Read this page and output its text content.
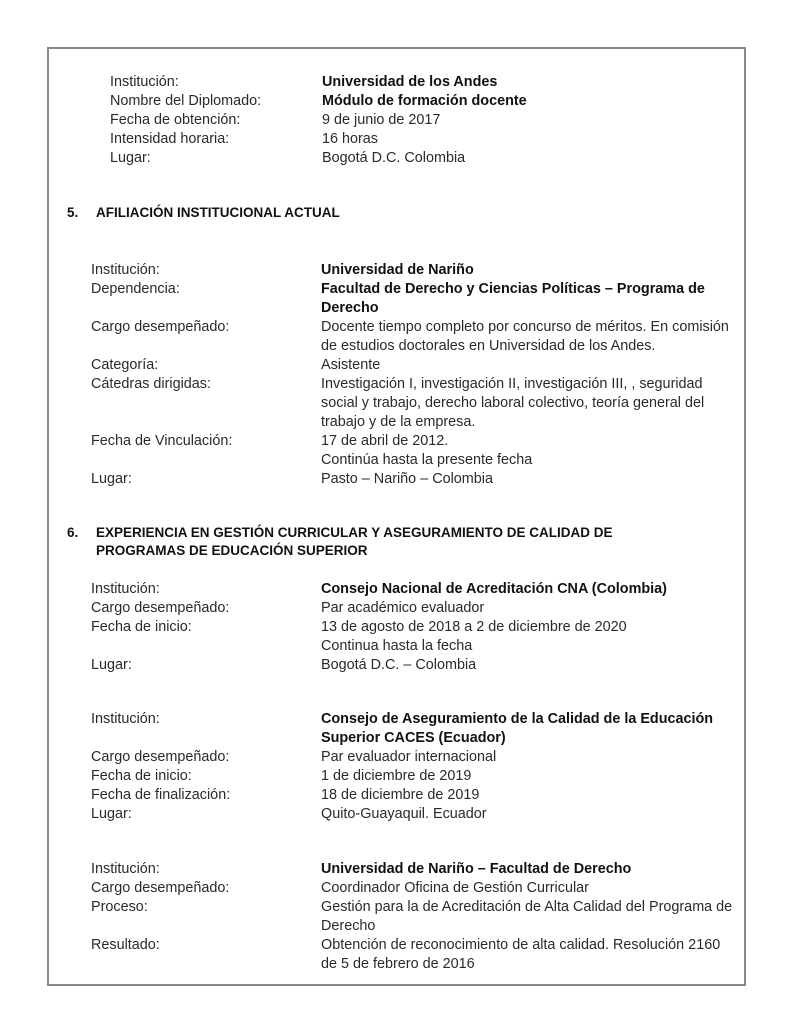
Institución:	Universidad de los Andes
Nombre del Diplomado:	Módulo de formación docente
Fecha de obtención:	9 de junio de 2017
Intensidad horaria:	16 horas
Lugar:	Bogotá D.C. Colombia
5.	AFILIACIÓN INSTITUCIONAL ACTUAL
Institución:	Universidad de Nariño
Dependencia:	Facultad de Derecho y Ciencias Políticas – Programa de Derecho
Cargo desempeñado:	Docente tiempo completo por concurso de méritos. En comisión de estudios doctorales en Universidad de los Andes.
Categoría:	Asistente
Cátedras dirigidas:	Investigación I, investigación II, investigación III, , seguridad social y trabajo, derecho laboral colectivo, teoría general del trabajo y de la empresa.
Fecha de Vinculación:	17 de abril de 2012.
Continúa hasta la presente fecha
Lugar:	Pasto – Nariño – Colombia
6.	EXPERIENCIA EN GESTIÓN CURRICULAR Y ASEGURAMIENTO DE CALIDAD DE PROGRAMAS DE EDUCACIÓN SUPERIOR
Institución:	Consejo Nacional de Acreditación CNA (Colombia)
Cargo desempeñado:	Par académico evaluador
Fecha de inicio:	13 de agosto de 2018 a 2 de diciembre de 2020
Continua hasta la fecha
Lugar:	Bogotá D.C. – Colombia
Institución:	Consejo de Aseguramiento de la Calidad de la Educación Superior CACES (Ecuador)
Cargo desempeñado:	Par evaluador internacional
Fecha de inicio:	1 de diciembre de 2019
Fecha de finalización:	18 de diciembre de 2019
Lugar:	Quito-Guayaquil. Ecuador
Institución:	Universidad de Nariño – Facultad de Derecho
Cargo desempeñado:	Coordinador Oficina de Gestión Curricular
Proceso:	Gestión para la de Acreditación de Alta Calidad del Programa de Derecho
Resultado:	Obtención de reconocimiento de alta calidad. Resolución 2160 de 5 de febrero de 2016
